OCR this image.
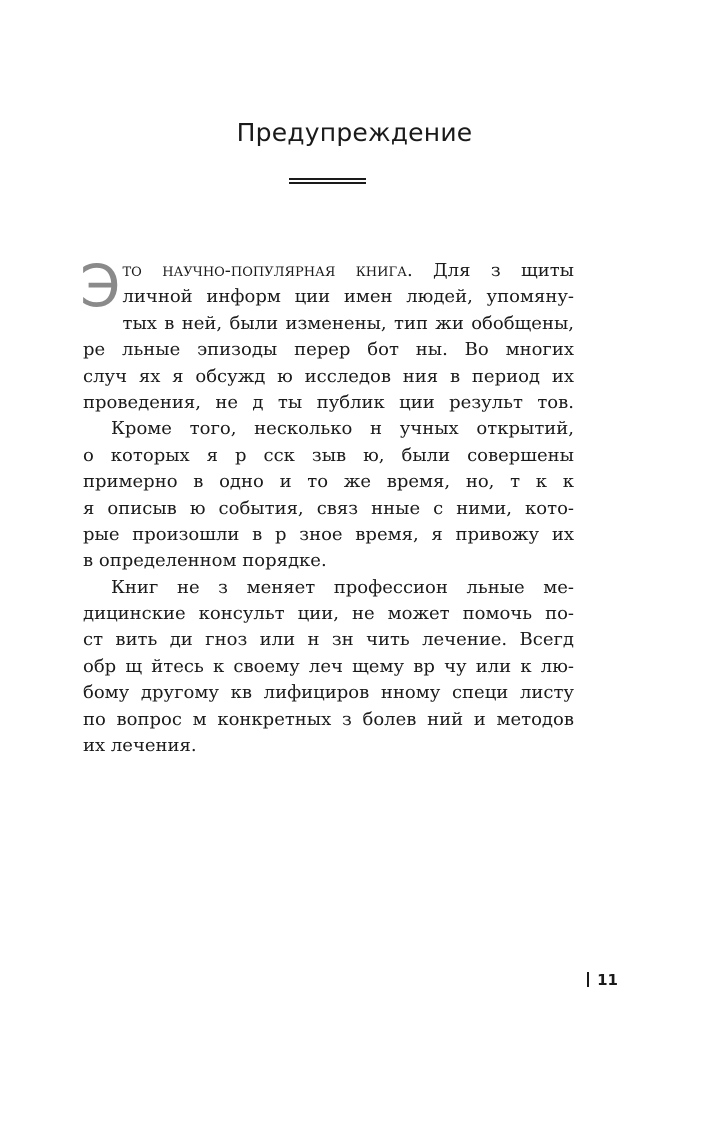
Предупреждение
Э то научно-популярная книга. Для з щиты
личной информ ции имен людей, упомяну-
тых в ней, были изменены, тип жи обобщены,
ре льные эпизоды перер бот ны. Во многих
случ ях я обсужд ю исследов ния в период их
проведения, не д ты публик ции результ тов.
Кроме того, несколько н учных открытий,
о которых я р сск зыв ю, были совершены
примерно в одно и то же время, но, т к к
я описыв ю события, связ нные с ними, кото-
рые произошли в р зное время, я привожу их
в определенном порядке.
Книг не з меняет профессион льные ме-
дицинские консульт ции, не может помочь по-
ст вить ди гноз или н зн чить лечение. Всегд
обр щ йтесь к своему леч щему вр чу или к лю-
бому другому кв лифициров нному специ листу
по вопрос м конкретных з болев ний и методов
их лечения.
11
